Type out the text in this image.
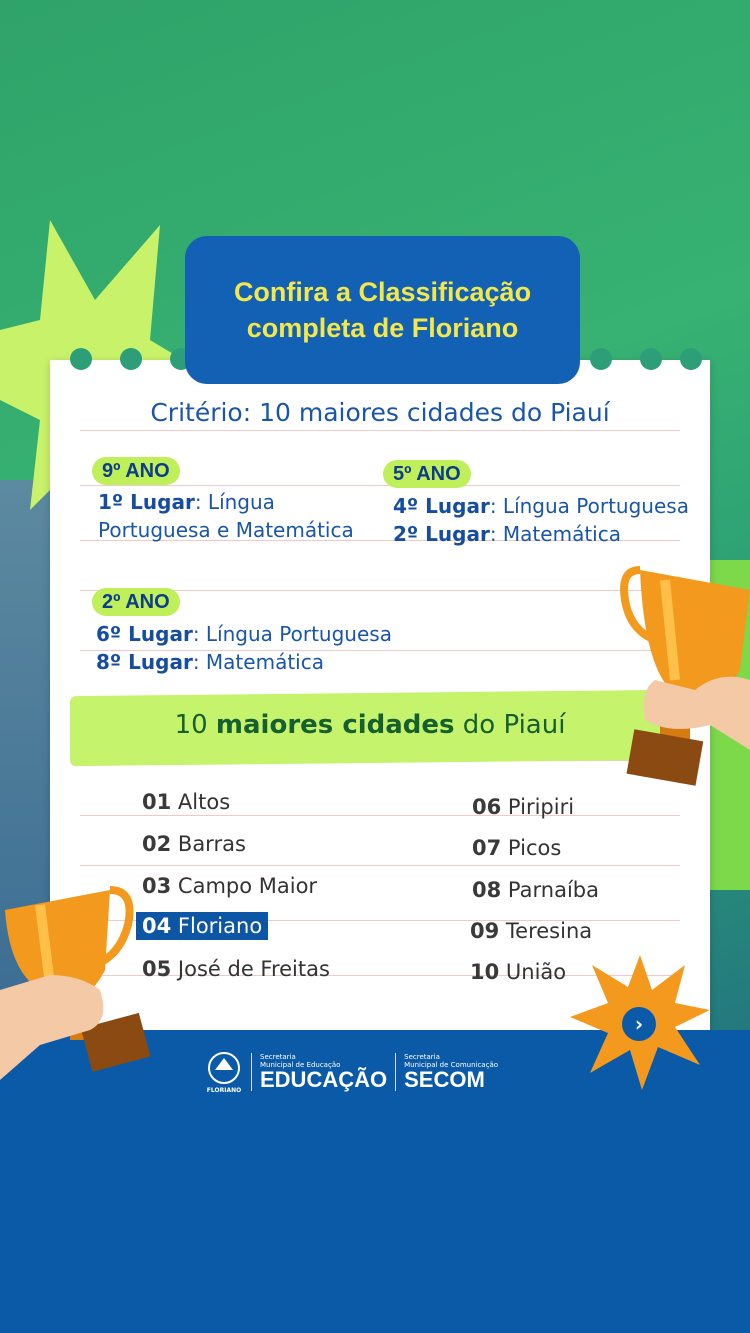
Confira a Classificação
completa de Floriano
Critério: 10 maiores cidades do Piauí
9º ANO
1º Lugar: Língua
Portuguesa e Matemática
5º ANO
4º Lugar: Língua Portuguesa
2º Lugar: Matemática
2º ANO
6º Lugar: Língua Portuguesa
8º Lugar: Matemática
10 maiores cidades do Piauí
01 Altos
02 Barras
03 Campo Maior
04 Floriano
05 José de Freitas
06 Piripiri
07 Picos
08 Parnaíba
09 Teresina
10 União
›
FLORIANO
Secretaria
Municipal de Educação
EDUCAÇÃO
Secretaria
Municipal de Comunicação
SECOM
